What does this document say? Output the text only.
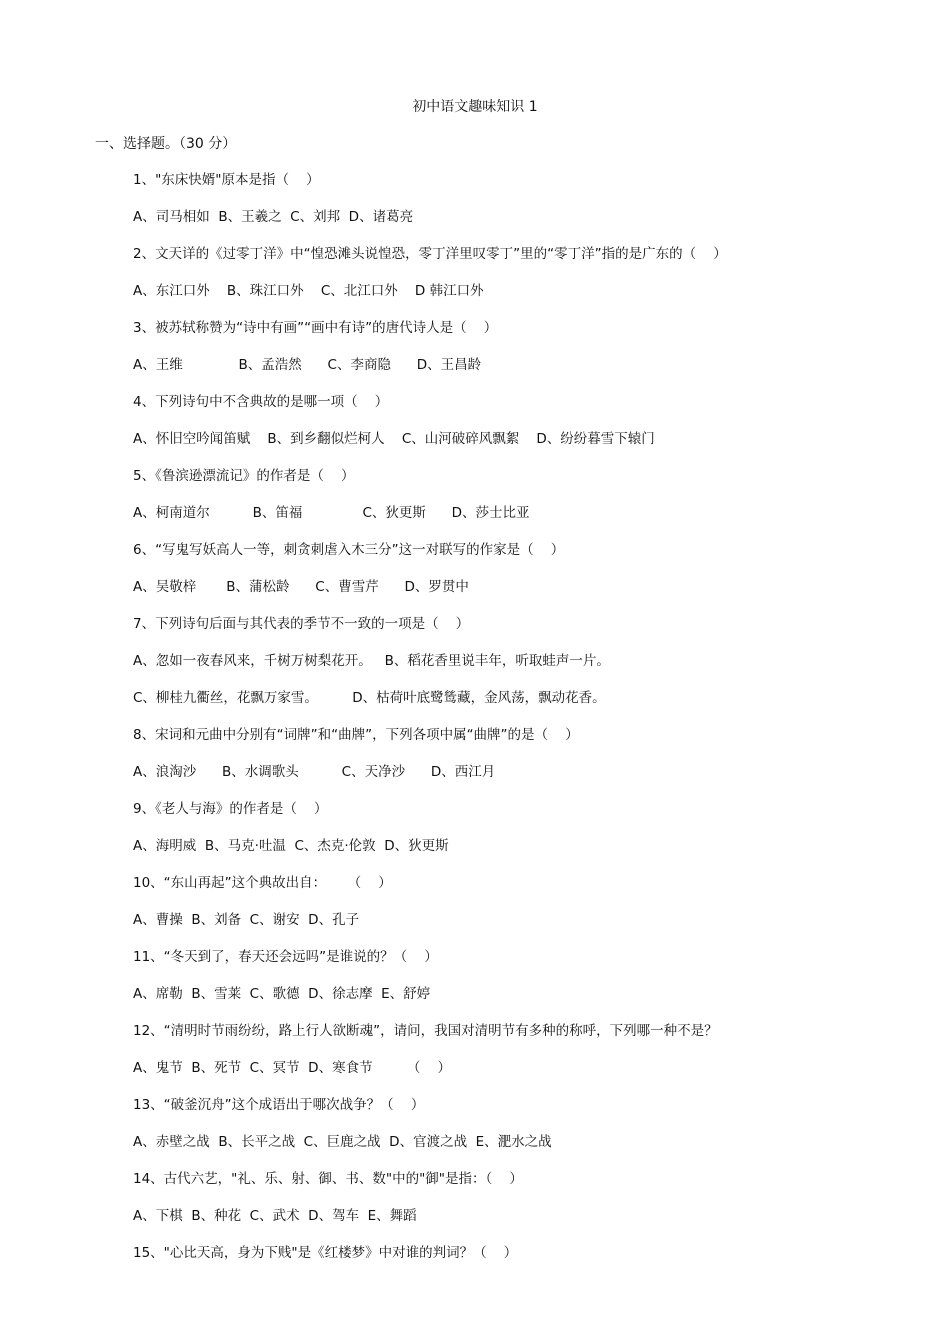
初中语文趣味知识 1
一、选择题。（30 分）
1、"东床快婿"原本是指（    ）
A、司马相如  B、王羲之  C、刘邦  D、诸葛亮
2、文天详的《过零丁洋》中“惶恐滩头说惶恐，零丁洋里叹零丁”里的“零丁洋”指的是广东的（    ）
A、东江口外    B、珠江口外    C、北江口外    D 韩江口外
3、被苏轼称赞为“诗中有画”“画中有诗”的唐代诗人是（    ）
A、王维             B、孟浩然      C、李商隐      D、王昌龄
4、下列诗句中不含典故的是哪一项（    ）
A、怀旧空吟闻笛赋    B、到乡翻似烂柯人    C、山河破碎风飘絮    D、纷纷暮雪下辕门
5、《鲁滨逊漂流记》的作者是（    ）
A、柯南道尔          B、笛福              C、狄更斯      D、莎士比亚
6、“写鬼写妖高人一等，刺贪刺虐入木三分”这一对联写的作家是（    ）
A、吴敬梓       B、蒲松龄      C、曹雪芹      D、罗贯中
7、下列诗句后面与其代表的季节不一致的一项是（    ）
A、忽如一夜春风来，千树万树梨花开。   B、稻花香里说丰年，听取蛙声一片。
C、柳桂九衢丝，花飘万家雪。        D、枯荷叶底鹭鸶藏，金风荡，飘动花香。
8、宋词和元曲中分别有“词牌”和“曲牌”，下列各项中属“曲牌”的是（    ）
A、浪淘沙      B、水调歌头          C、天净沙      D、西江月
9、《老人与海》的作者是（    ）
A、海明威  B、马克·吐温  C、杰克·伦敦  D、狄更斯
10、“东山再起”这个典故出自：     （    ）
A、曹操  B、刘备  C、谢安  D、孔子
11、“冬天到了，春天还会远吗”是谁说的？（    ）
A、席勒  B、雪莱  C、歌德  D、徐志摩  E、舒婷
12、“清明时节雨纷纷，路上行人欲断魂”，请问，我国对清明节有多种的称呼，下列哪一种不是？
A、鬼节  B、死节  C、冥节  D、寒食节        （    ）
13、“破釜沉舟”这个成语出于哪次战争？（    ）
A、赤壁之战  B、长平之战  C、巨鹿之战  D、官渡之战  E、淝水之战
14、古代六艺，"礼、乐、射、御、书、数"中的"御"是指：（    ）
A、下棋  B、种花  C、武术  D、驾车  E、舞蹈
15、"心比天高，身为下贱"是《红楼梦》中对谁的判词？（    ）
